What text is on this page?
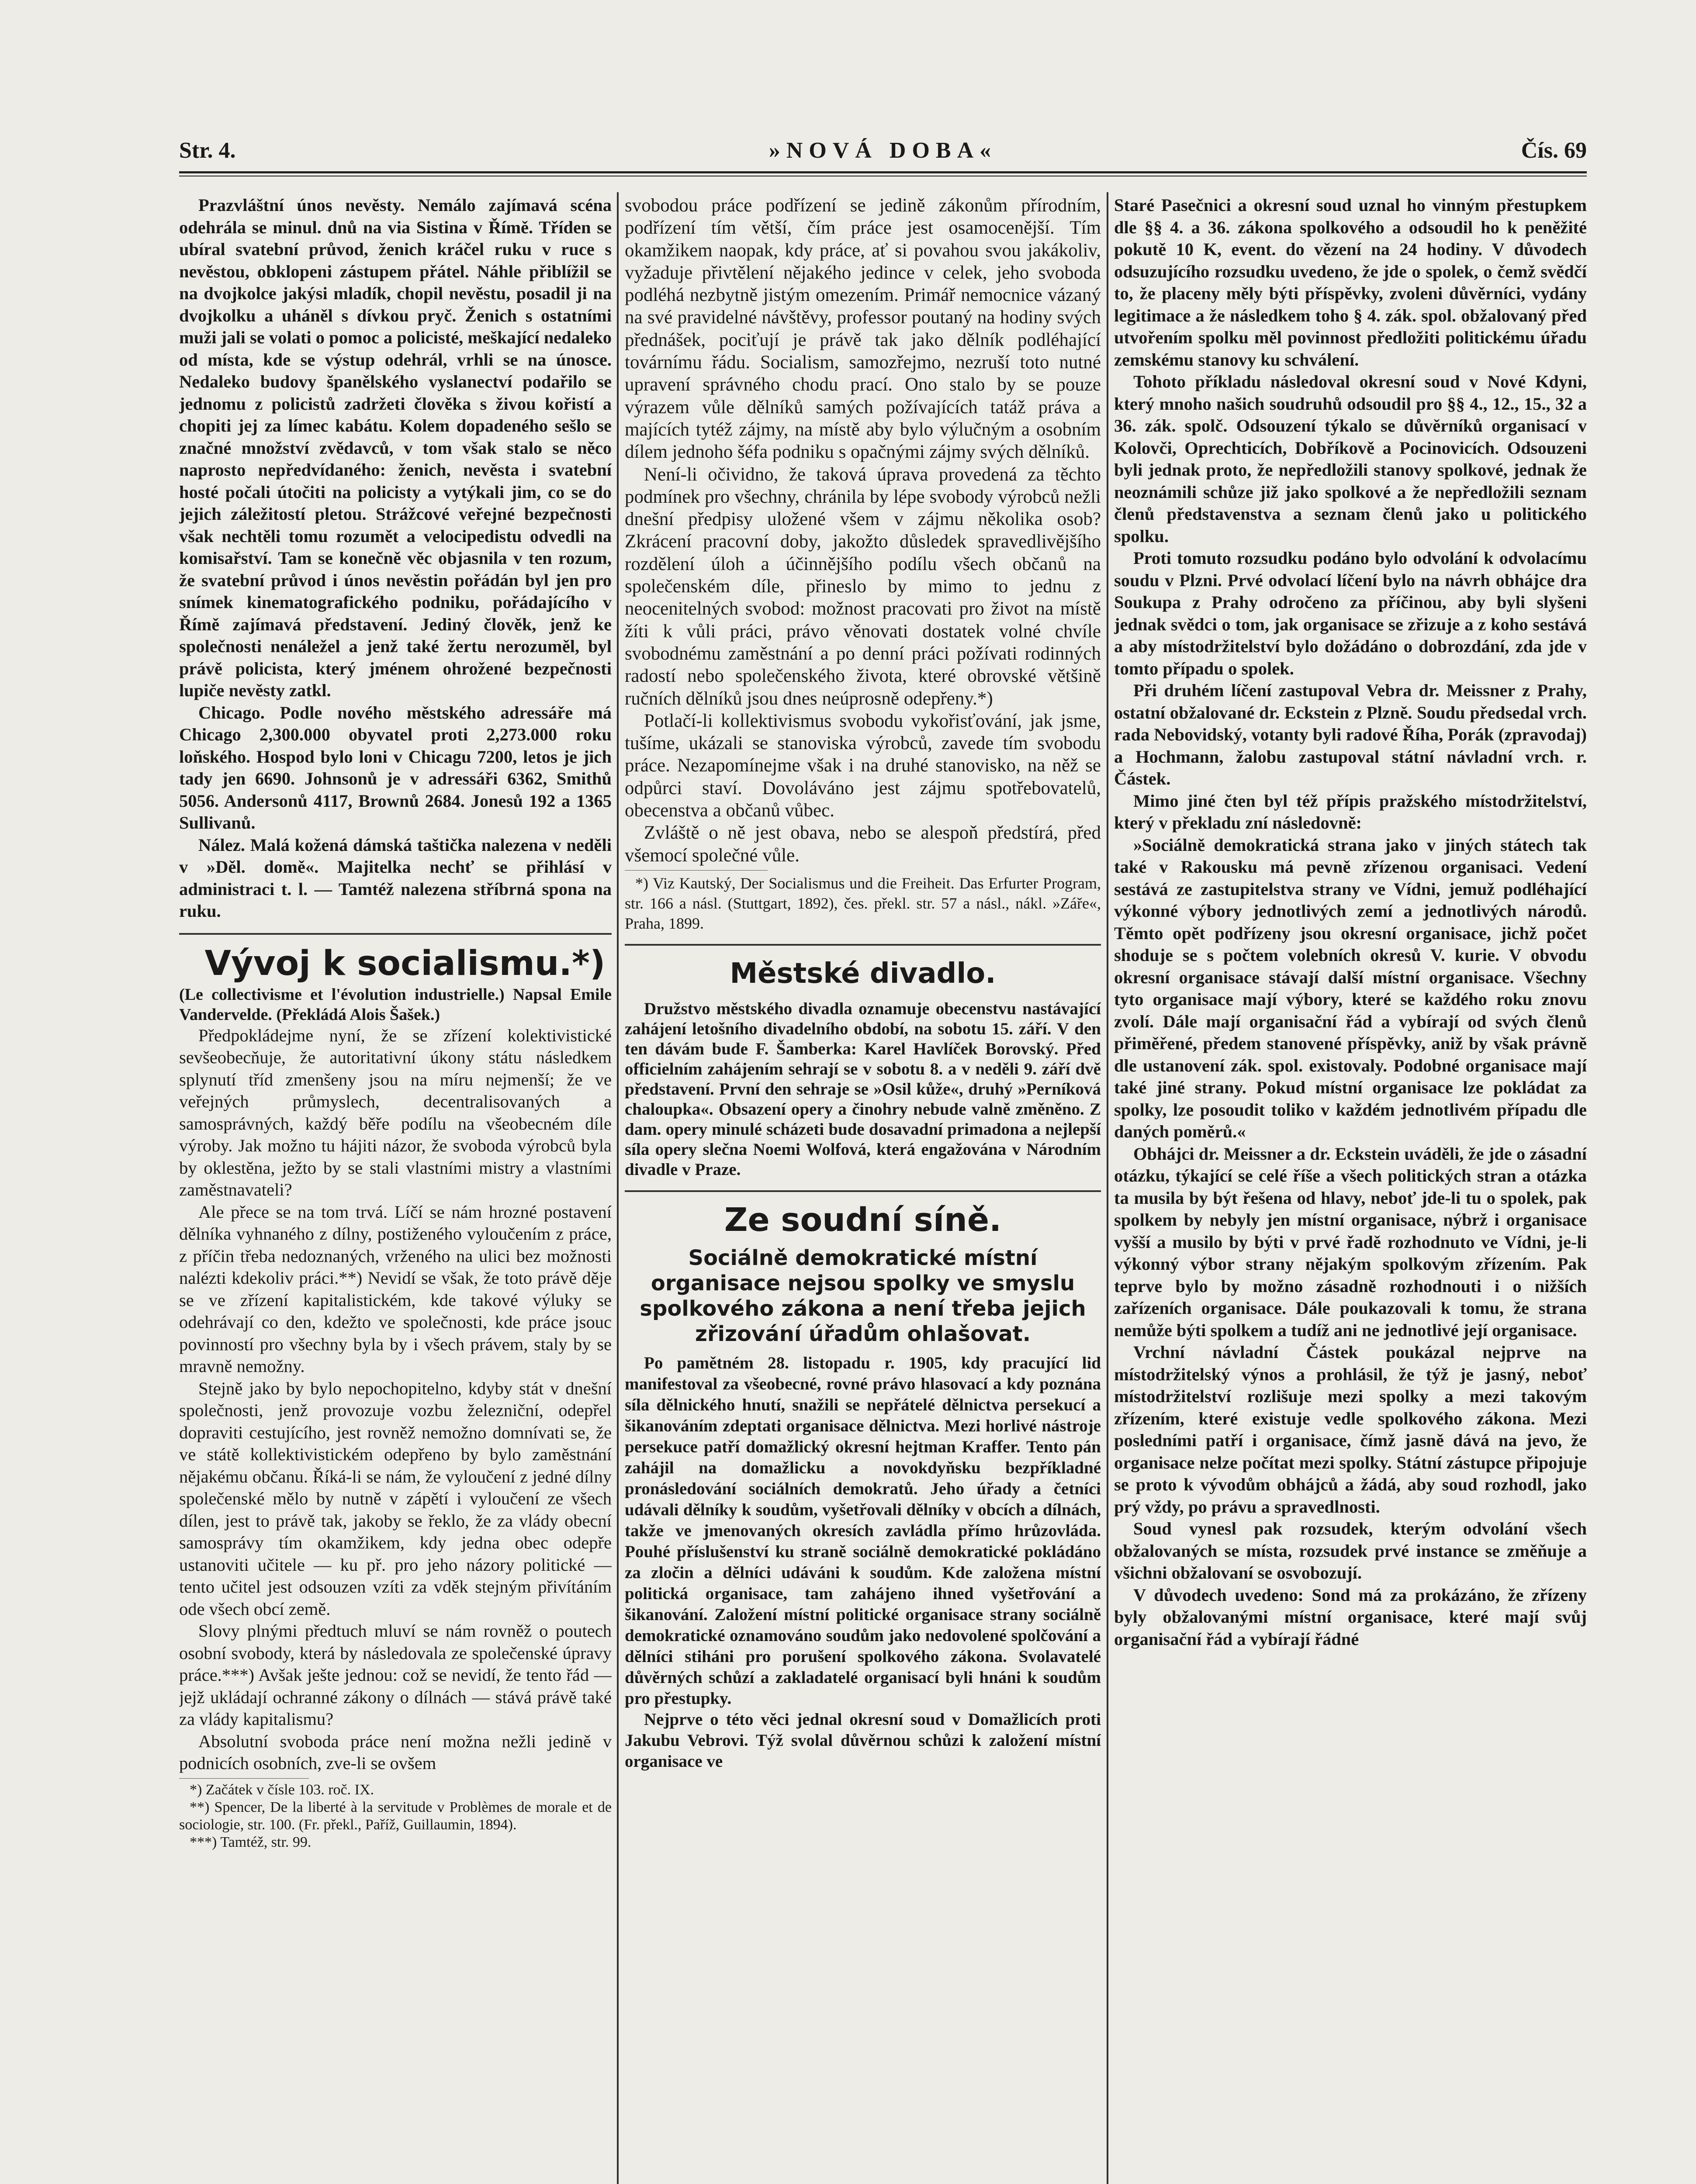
Str. 4.	»NOVÁ DOBA«	Čís. 69

Prazvláštní únos nevěsty. Nemálo zajímavá scéna odehrála se minul. dnů na via Sistina v Římě. Tříden se ubíral svatební průvod, ženich kráčel ruku v ruce s nevěstou, obklopeni zástupem přátel. Náhle přiblížil se na dvojkolce jakýsi mladík, chopil nevěstu, posadil ji na dvojkolku a uháněl s dívkou pryč. Ženich s ostatními muži jali se volati o pomoc a policisté, meškající nedaleko od místa, kde se výstup odehrál, vrhli se na únosce. Nedaleko budovy španělského vyslanectví podařilo se jednomu z policistů zadržeti člověka s živou kořistí a chopiti jej za límec kabátu. Kolem dopadeného sešlo se značné množství zvědavců, v tom však stalo se něco naprosto nepředvídaného: ženich, nevěsta i svatební hosté počali útočiti na policisty a vytýkali jim, co se do jejich záležitostí pletou. Strážcové veřejné bezpečnosti však nechtěli tomu rozumět a velocipedistu odvedli na komisařství. Tam se konečně věc objasnila v ten rozum, že svatební průvod i únos nevěstin pořádán byl jen pro snímek kinematografického podniku, pořádajícího v Římě zajímavá představení. Jediný člověk, jenž ke společnosti nenáležel a jenž také žertu nerozuměl, byl právě policista, který jménem ohrožené bezpečnosti lupiče nevěsty zatkl.

Chicago. Podle nového městského adressáře má Chicago 2,300.000 obyvatel proti 2,273.000 roku loňského. Hospod bylo loni v Chicagu 7200, letos je jich tady jen 6690. Johnsonů je v adressáři 6362, Smithů 5056. Andersonů 4117, Brownů 2684. Jonesů 192 a 1365 Sullivanů.

Nález. Malá kožená dámská taštička nalezena v neděli v »Děl. domě«. Majitelka nechť se přihlásí v administraci t. l. — Tamtéž nalezena stříbrná spona na ruku.

Vývoj k socialismu.*)

(Le collectivisme et l'évolution industrielle.) Napsal Emile Vandervelde. (Překládá Alois Šašek.)

Předpokládejme nyní, že se zřízení kolektivistické sevšeobecňuje, že autoritativní úkony státu následkem splynutí tříd zmenšeny jsou na míru nejmenší; že ve veřejných průmyslech, decentralisovaných a samosprávných, každý běře podílu na všeobecném díle výroby. Jak možno tu hájiti názor, že svoboda výrobců byla by oklestěna, ježto by se stali vlastními mistry a vlastními zaměstnavateli?

Ale přece se na tom trvá. Líčí se nám hrozné postavení dělníka vyhnaného z dílny, postiženého vyloučením z práce, z příčin třeba nedoznaných, vrženého na ulici bez možnosti nalézti kdekoliv práci.**) Nevidí se však, že toto právě děje se ve zřízení kapitalistickém, kde takové výluky se odehrávají co den, kdežto ve společnosti, kde práce jsouc povinností pro všechny byla by i všech právem, staly by se mravně nemožny.

Stejně jako by bylo nepochopitelno, kdyby stát v dnešní společnosti, jenž provozuje vozbu železniční, odepřel dopraviti cestujícího, jest rovněž nemožno domnívati se, že ve státě kollektivistickém odepřeno by bylo zaměstnání nějakému občanu. Říká-li se nám, že vyloučení z jedné dílny společenské mělo by nutně v zápětí i vyloučení ze všech dílen, jest to právě tak, jakoby se řeklo, že za vlády obecní samosprávy tím okamžikem, kdy jedna obec odepře ustanoviti učitele — ku př. pro jeho názory politické — tento učitel jest odsouzen vzíti za vděk stejným přivítáním ode všech obcí země.

Slovy plnými předtuch mluví se nám rovněž o poutech osobní svobody, která by následovala ze společenské úpravy práce.***) Avšak ješte jednou: což se nevidí, že tento řád — jejž ukládají ochranné zákony o dílnách — stává právě také za vlády kapitalismu?

Absolutní svoboda práce není možna nežli jedině v podnicích osobních, zve-li se ovšem

*) Začátek v čísle 103. roč. IX.

**) Spencer, De la liberté à la servitude v Problèmes de morale et de sociologie, str. 100. (Fr. překl., Paříž, Guillaumin, 1894).

***) Tamtéž, str. 99.

svobodou práce podřízení se jedině zákonům přírodním, podřízení tím větší, čím práce jest osamocenější. Tím okamžikem naopak, kdy práce, ať si povahou svou jakákoliv, vyžaduje přivtělení nějakého jedince v celek, jeho svoboda podléhá nezbytně jistým omezením. Primář nemocnice vázaný na své pravidelné návštěvy, professor poutaný na hodiny svých přednášek, pociťují je právě tak jako dělník podléhající továrnímu řádu. Socialism, samozřejmo, nezruší toto nutné upravení správného chodu prací. Ono stalo by se pouze výrazem vůle dělníků samých požívajících tatáž práva a majících tytéž zájmy, na místě aby bylo výlučným a osobním dílem jednoho šéfa podniku s opačnými zájmy svých dělníků.

Není-li očividno, že taková úprava provedená za těchto podmínek pro všechny, chránila by lépe svobody výrobců nežli dnešní předpisy uložené všem v zájmu několika osob? Zkrácení pracovní doby, jakožto důsledek spravedlivějšího rozdělení úloh a účinnějšího podílu všech občanů na společenském díle, přineslo by mimo to jednu z neocenitelných svobod: možnost pracovati pro život na místě žíti k vůli práci, právo věnovati dostatek volné chvíle svobodnému zaměstnání a po denní práci požívati rodinných radostí nebo společenského života, které obrovské většině ručních dělníků jsou dnes neúprosně odepřeny.*)

Potlačí-li kollektivismus svobodu vykořisťování, jak jsme, tušíme, ukázali se stanoviska výrobců, zavede tím svobodu práce. Nezapomínejme však i na druhé stanovisko, na něž se odpůrci staví. Dovoláváno jest zájmu spotřebovatelů, obecenstva a občanů vůbec.

Zvláště o ně jest obava, nebo se alespoň předstírá, před všemocí společné vůle.

*) Viz Kautský, Der Socialismus und die Freiheit. Das Erfurter Program, str. 166 a násl. (Stuttgart, 1892), čes. překl. str. 57 a násl., nákl. »Záře«, Praha, 1899.

Městské divadlo.

Družstvo městského divadla oznamuje obecenstvu nastávající zahájení letošního divadelního období, na sobotu 15. září. V den ten dávám bude F. Šamberka: Karel Havlíček Borovský. Před officielním zahájením sehrají se v sobotu 8. a v neděli 9. září dvě představení. První den sehraje se »Osil kůže«, druhý »Perníková chaloupka«. Obsazení opery a činohry nebude valně změněno. Z dam. opery minulé scházeti bude dosavadní primadona a nejlepší síla opery slečna Noemi Wolfová, která engažována v Národním divadle v Praze.

Ze soudní síně.
Sociálně demokratické místní organisace nejsou spolky ve smyslu spolkového zákona a není třeba jejich zřizování úřadům ohlašovat.

Po pamětném 28. listopadu r. 1905, kdy pracující lid manifestoval za všeobecné, rovné právo hlasovací a kdy poznána síla dělnického hnutí, snažili se nepřátelé dělnictva persekucí a šikanováním zdeptati organisace dělnictva. Mezi horlivé nástroje persekuce patří domažlický okresní hejtman Kraffer. Tento pán zahájil na domažlicku a novokdyňsku bezpříkladné pronásledování sociálních demokratů. Jeho úřady a četníci udávali dělníky k soudům, vyšetřovali dělníky v obcích a dílnách, takže ve jmenovaných okresích zavládla přímo hrůzovláda. Pouhé příslušenství ku straně sociálně demokratické pokládáno za zločin a dělníci udáváni k soudům. Kde založena místní politická organisace, tam zahájeno ihned vyšetřování a šikanování. Založení místní politické organisace strany sociálně demokratické oznamováno soudům jako nedovolené spolčování a dělníci stiháni pro porušení spolkového zákona. Svolavatelé důvěrných schůzí a zakladatelé organisací byli hnáni k soudům pro přestupky.

Nejprve o této věci jednal okresní soud v Domažlicích proti Jakubu Vebrovi. Týž svolal důvěrnou schůzi k založení místní organisace ve

Staré Pasečnici a okresní soud uznal ho vinným přestupkem dle §§ 4. a 36. zákona spolkového a odsoudil ho k peněžité pokutě 10 K, event. do vězení na 24 hodiny. V důvodech odsuzujícího rozsudku uvedeno, že jde o spolek, o čemž svědčí to, že placeny měly býti příspěvky, zvoleni důvěrníci, vydány legitimace a že následkem toho § 4. zák. spol. obžalovaný před utvořením spolku měl povinnost předložiti politickému úřadu zemskému stanovy ku schválení.

Tohoto příkladu následoval okresní soud v Nové Kdyni, který mnoho našich soudruhů odsoudil pro §§ 4., 12., 15., 32 a 36. zák. spolč. Odsouzení týkalo se důvěrníků organisací v Kolovči, Oprechticích, Dobříkově a Pocinovicích. Odsouzeni byli jednak proto, že nepředložili stanovy spolkové, jednak že neoznámili schůze již jako spolkové a že nepředložili seznam členů představenstva a seznam členů jako u politického spolku.

Proti tomuto rozsudku podáno bylo odvolání k odvolacímu soudu v Plzni. Prvé odvolací líčení bylo na návrh obhájce dra Soukupa z Prahy odročeno za příčinou, aby byli slyšeni jednak svědci o tom, jak organisace se zřizuje a z koho sestává a aby místodržitelství bylo dožádáno o dobrozdání, zda jde v tomto případu o spolek.

Při druhém líčení zastupoval Vebra dr. Meissner z Prahy, ostatní obžalované dr. Eckstein z Plzně. Soudu předsedal vrch. rada Nebovidský, votanty byli radové Říha, Porák (zpravodaj) a Hochmann, žalobu zastupoval státní návladní vrch. r. Částek.

Mimo jiné čten byl též přípis pražského místodržitelství, který v překladu zní následovně:

»Sociálně demokratická strana jako v jiných státech tak také v Rakousku má pevně zřízenou organisaci. Vedení sestává ze zastupitelstva strany ve Vídni, jemuž podléhající výkonné výbory jednotlivých zemí a jednotlivých národů. Těmto opět podřízeny jsou okresní organisace, jichž počet shoduje se s počtem volebních okresů V. kurie. V obvodu okresní organisace stávají další místní organisace. Všechny tyto organisace mají výbory, které se každého roku znovu zvolí. Dále mají organisační řád a vybírají od svých členů přiměřené, předem stanovené příspěvky, aniž by však právně dle ustanovení zák. spol. existovaly. Podobné organisace mají také jiné strany. Pokud místní organisace lze pokládat za spolky, lze posoudit toliko v každém jednotlivém případu dle daných poměrů.«

Obhájci dr. Meissner a dr. Eckstein uváděli, že jde o zásadní otázku, týkající se celé říše a všech politických stran a otázka ta musila by být řešena od hlavy, neboť jde-li tu o spolek, pak spolkem by nebyly jen místní organisace, nýbrž i organisace vyšší a musilo by býti v prvé řadě rozhodnuto ve Vídni, je-li výkonný výbor strany nějakým spolkovým zřízením. Pak teprve bylo by možno zásadně rozhodnouti i o nižších zařízeních organisace. Dále poukazovali k tomu, že strana nemůže býti spolkem a tudíž ani ne jednotlivé její organisace.

Vrchní návladní Částek poukázal nejprve na místodržitelský výnos a prohlásil, že týž je jasný, neboť místodržitelství rozlišuje mezi spolky a mezi takovým zřízením, které existuje vedle spolkového zákona. Mezi posledními patří i organisace, čímž jasně dává na jevo, že organisace nelze počítat mezi spolky. Státní zástupce připojuje se proto k vývodům obhájců a žádá, aby soud rozhodl, jako prý vždy, po právu a spravedlnosti.

Soud vynesl pak rozsudek, kterým odvolání všech obžalovaných se místa, rozsudek prvé instance se změňuje a všichni obžalovaní se osvobozují.

V důvodech uvedeno: Sond má za prokázáno, že zřízeny byly obžalovanými místní organisace, které mají svůj organisační řád a vybírají řádné
